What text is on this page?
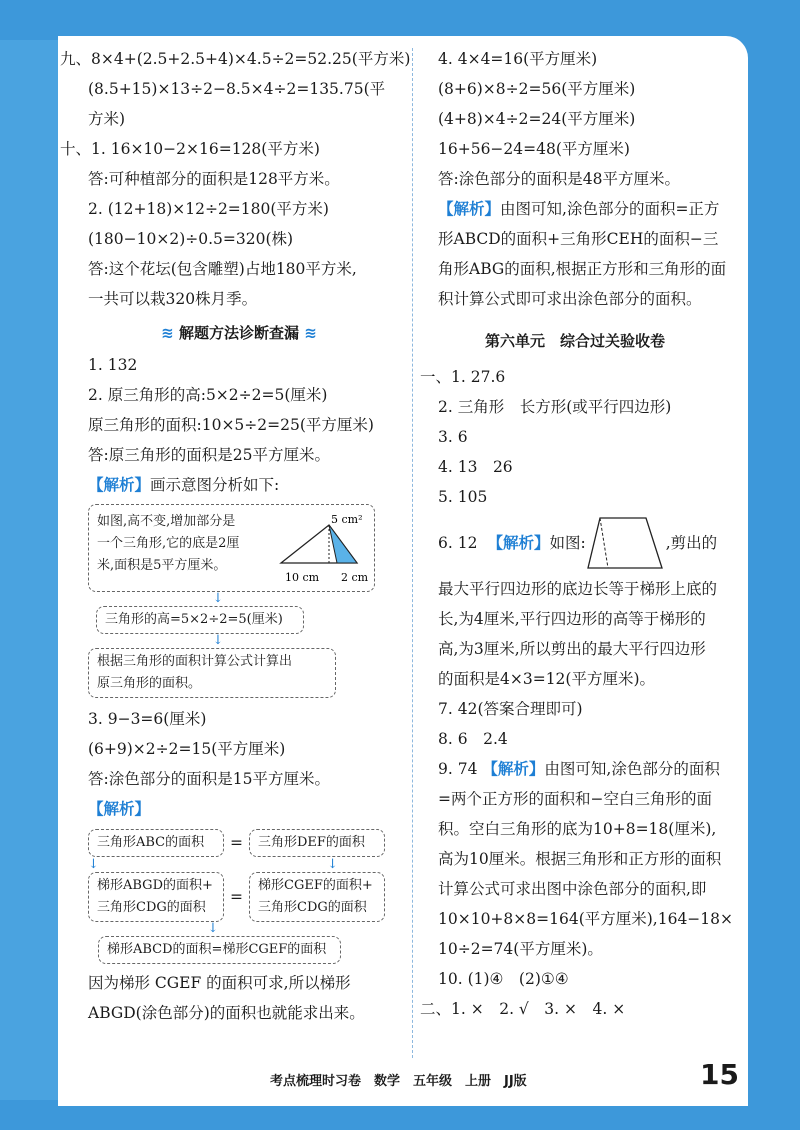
九、8×4+(2.5+2.5+4)×4.5÷2=52.25(平方米)
(8.5+15)×13÷2−8.5×4÷2=135.75(平
方米)
十、1. 16×10−2×16=128(平方米)
答:可种植部分的面积是128平方米。
2. (12+18)×12÷2=180(平方米)
(180−10×2)÷0.5=320(株)
答:这个花坛(包含雕塑)占地180平方米,
一共可以栽320株月季。
≋ 解题方法诊断查漏 ≋
1. 132
2. 原三角形的高:5×2÷2=5(厘米)
原三角形的面积:10×5÷2=25(平方厘米)
答:原三角形的面积是25平方厘米。
【解析】画示意图分析如下:
如图,高不变,增加部分是
一个三角形,它的底是2厘
米,面积是5平方厘米。
5 cm²
10 cm 2 cm
↓
三角形的高=5×2÷2=5(厘米)
↓
根据三角形的面积计算公式计算出
原三角形的面积。
3. 9−3=6(厘米)
(6+9)×2÷2=15(平方厘米)
答:涂色部分的面积是15平方厘米。
【解析】
三角形ABC的面积	=	三角形DEF的面积
↓	↓
梯形ABGD的面积+
三角形CDG的面积
=
梯形CGEF的面积+
三角形CDG的面积
↓
梯形ABCD的面积=梯形CGEF的面积
因为梯形 CGEF 的面积可求,所以梯形
ABGD(涂色部分)的面积也就能求出来。
4. 4×4=16(平方厘米)
(8+6)×8÷2=56(平方厘米)
(4+8)×4÷2=24(平方厘米)
16+56−24=48(平方厘米)
答:涂色部分的面积是48平方厘米。
【解析】由图可知,涂色部分的面积=正方
形ABCD的面积+三角形CEH的面积−三
角形ABG的面积,根据正方形和三角形的面
积计算公式即可求出涂色部分的面积。
第六单元　综合过关验收卷
一、1. 27.6
2. 三角形　长方形(或平行四边形)
3. 6
4. 13　26
5. 105
6. 12 【解析】 如图:	,剪出的
最大平行四边形的底边长等于梯形上底的
长,为4厘米,平行四边形的高等于梯形的
高,为3厘米,所以剪出的最大平行四边形
的面积是4×3=12(平方厘米)。
7. 42(答案合理即可)
8. 6　2.4
9. 74 【解析】由图可知,涂色部分的面积
=两个正方形的面积和−空白三角形的面
积。空白三角形的底为10+8=18(厘米),
高为10厘米。根据三角形和正方形的面积
计算公式可求出图中涂色部分的面积,即
10×10+8×8=164(平方厘米),164−18×
10÷2=74(平方厘米)。
10. (1)④　(2)①④
二、1. ×　2. √　3. ×　4. ×
考点梳理时习卷　数学　五年级　上册　JJ版	15
